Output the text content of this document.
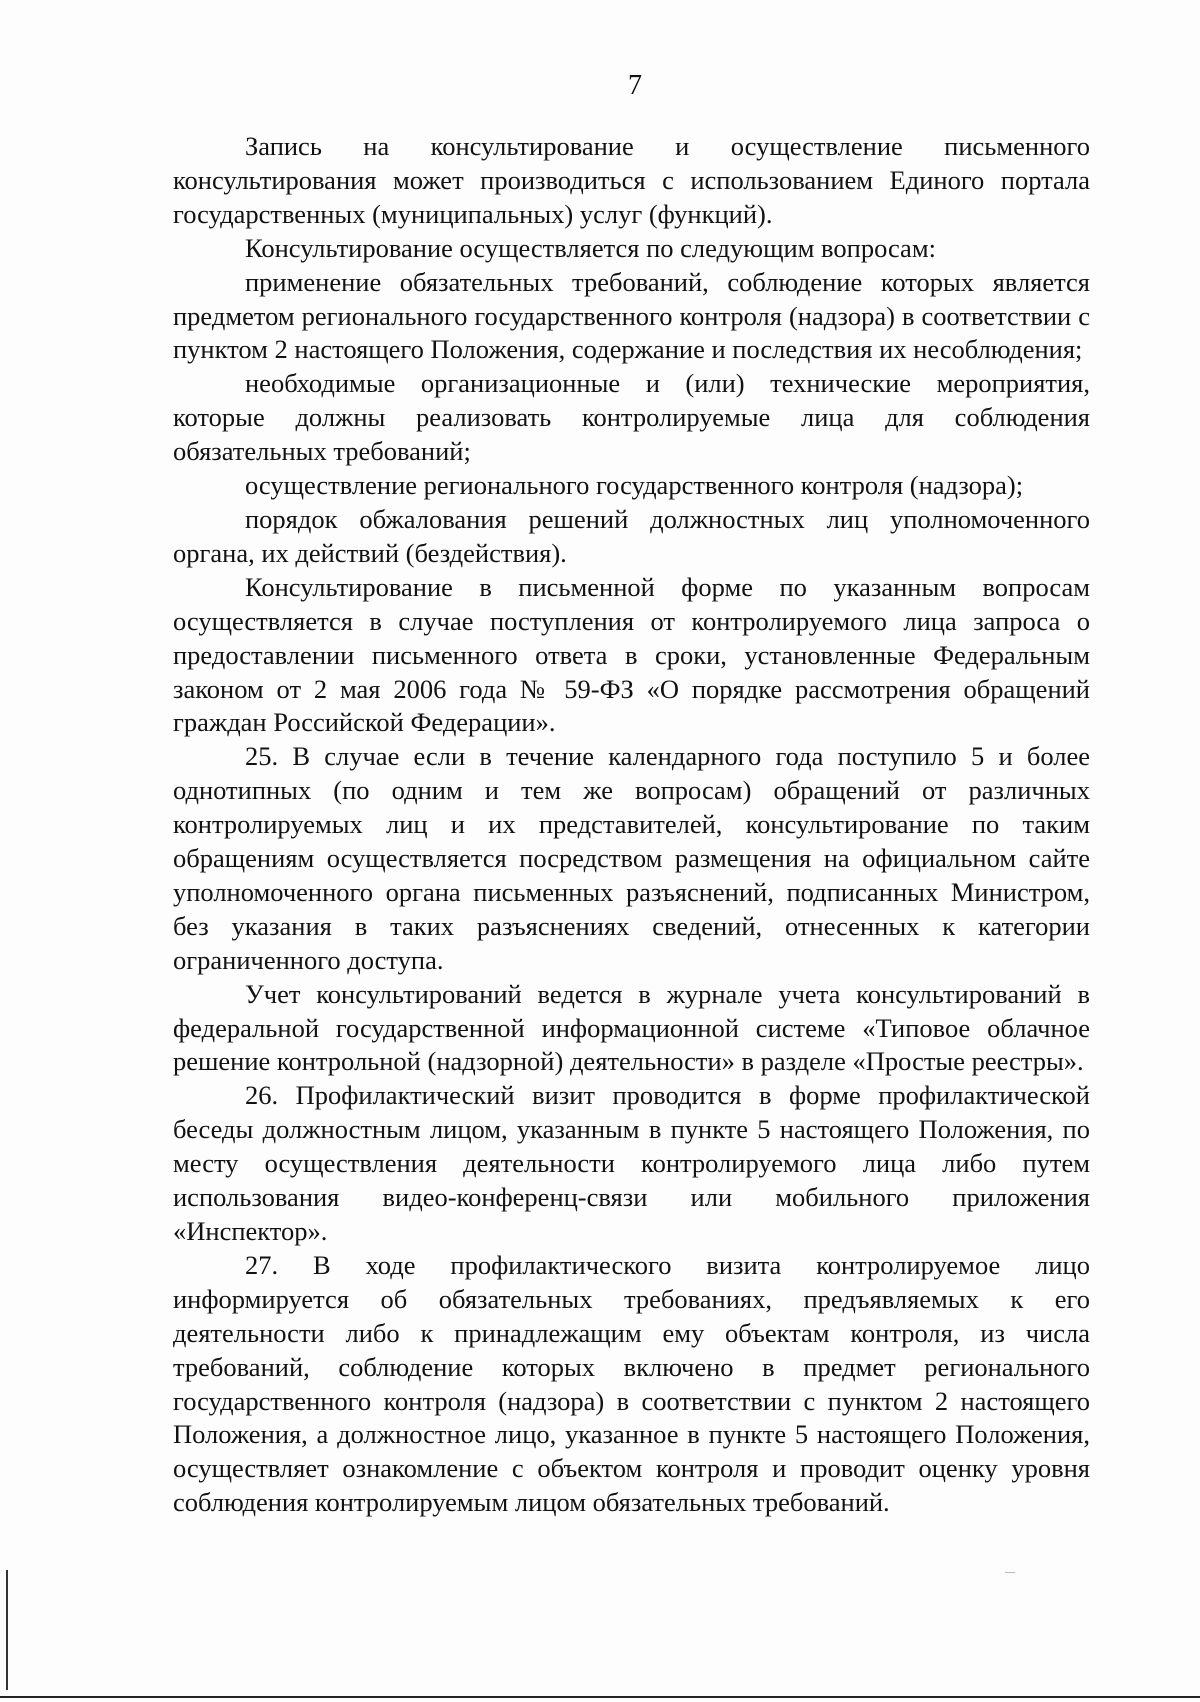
7

Запись на консультирование и осуществление письменного консультирования может производиться с использованием Единого портала государственных (муниципальных) услуг (функций).

Консультирование осуществляется по следующим вопросам:

применение обязательных требований, соблюдение которых является предметом регионального государственного контроля (надзора) в соответствии с пунктом 2 настоящего Положения, содержание и последствия их несоблюдения;

необходимые организационные и (или) технические мероприятия, которые должны реализовать контролируемые лица для соблюдения обязательных требований;

осуществление регионального государственного контроля (надзора);

порядок обжалования решений должностных лиц уполномоченного органа, их действий (бездействия).

Консультирование в письменной форме по указанным вопросам осуществляется в случае поступления от контролируемого лица запроса о предоставлении письменного ответа в сроки, установленные Федеральным законом от 2 мая 2006 года № 59-ФЗ «О порядке рассмотрения обращений граждан Российской Федерации».

25. В случае если в течение календарного года поступило 5 и более однотипных (по одним и тем же вопросам) обращений от различных контролируемых лиц и их представителей, консультирование по таким обращениям осуществляется посредством размещения на официальном сайте уполномоченного органа письменных разъяснений, подписанных Министром, без указания в таких разъяснениях сведений, отнесенных к категории ограниченного доступа.

Учет консультирований ведется в журнале учета консультирований в федеральной государственной информационной системе «Типовое облачное решение контрольной (надзорной) деятельности» в разделе «Простые реестры».

26. Профилактический визит проводится в форме профилактической беседы должностным лицом, указанным в пункте 5 настоящего Положения, по месту осуществления деятельности контролируемого лица либо путем использования видео-конференц-связи или мобильного приложения «Инспектор».

27. В ходе профилактического визита контролируемое лицо информируется об обязательных требованиях, предъявляемых к его деятельности либо к принадлежащим ему объектам контроля, из числа требований, соблюдение которых включено в предмет регионального государственного контроля (надзора) в соответствии с пунктом 2 настоящего Положения, а должностное лицо, указанное в пункте 5 настоящего Положения, осуществляет ознакомление с объектом контроля и проводит оценку уровня соблюдения контролируемым лицом обязательных требований.
